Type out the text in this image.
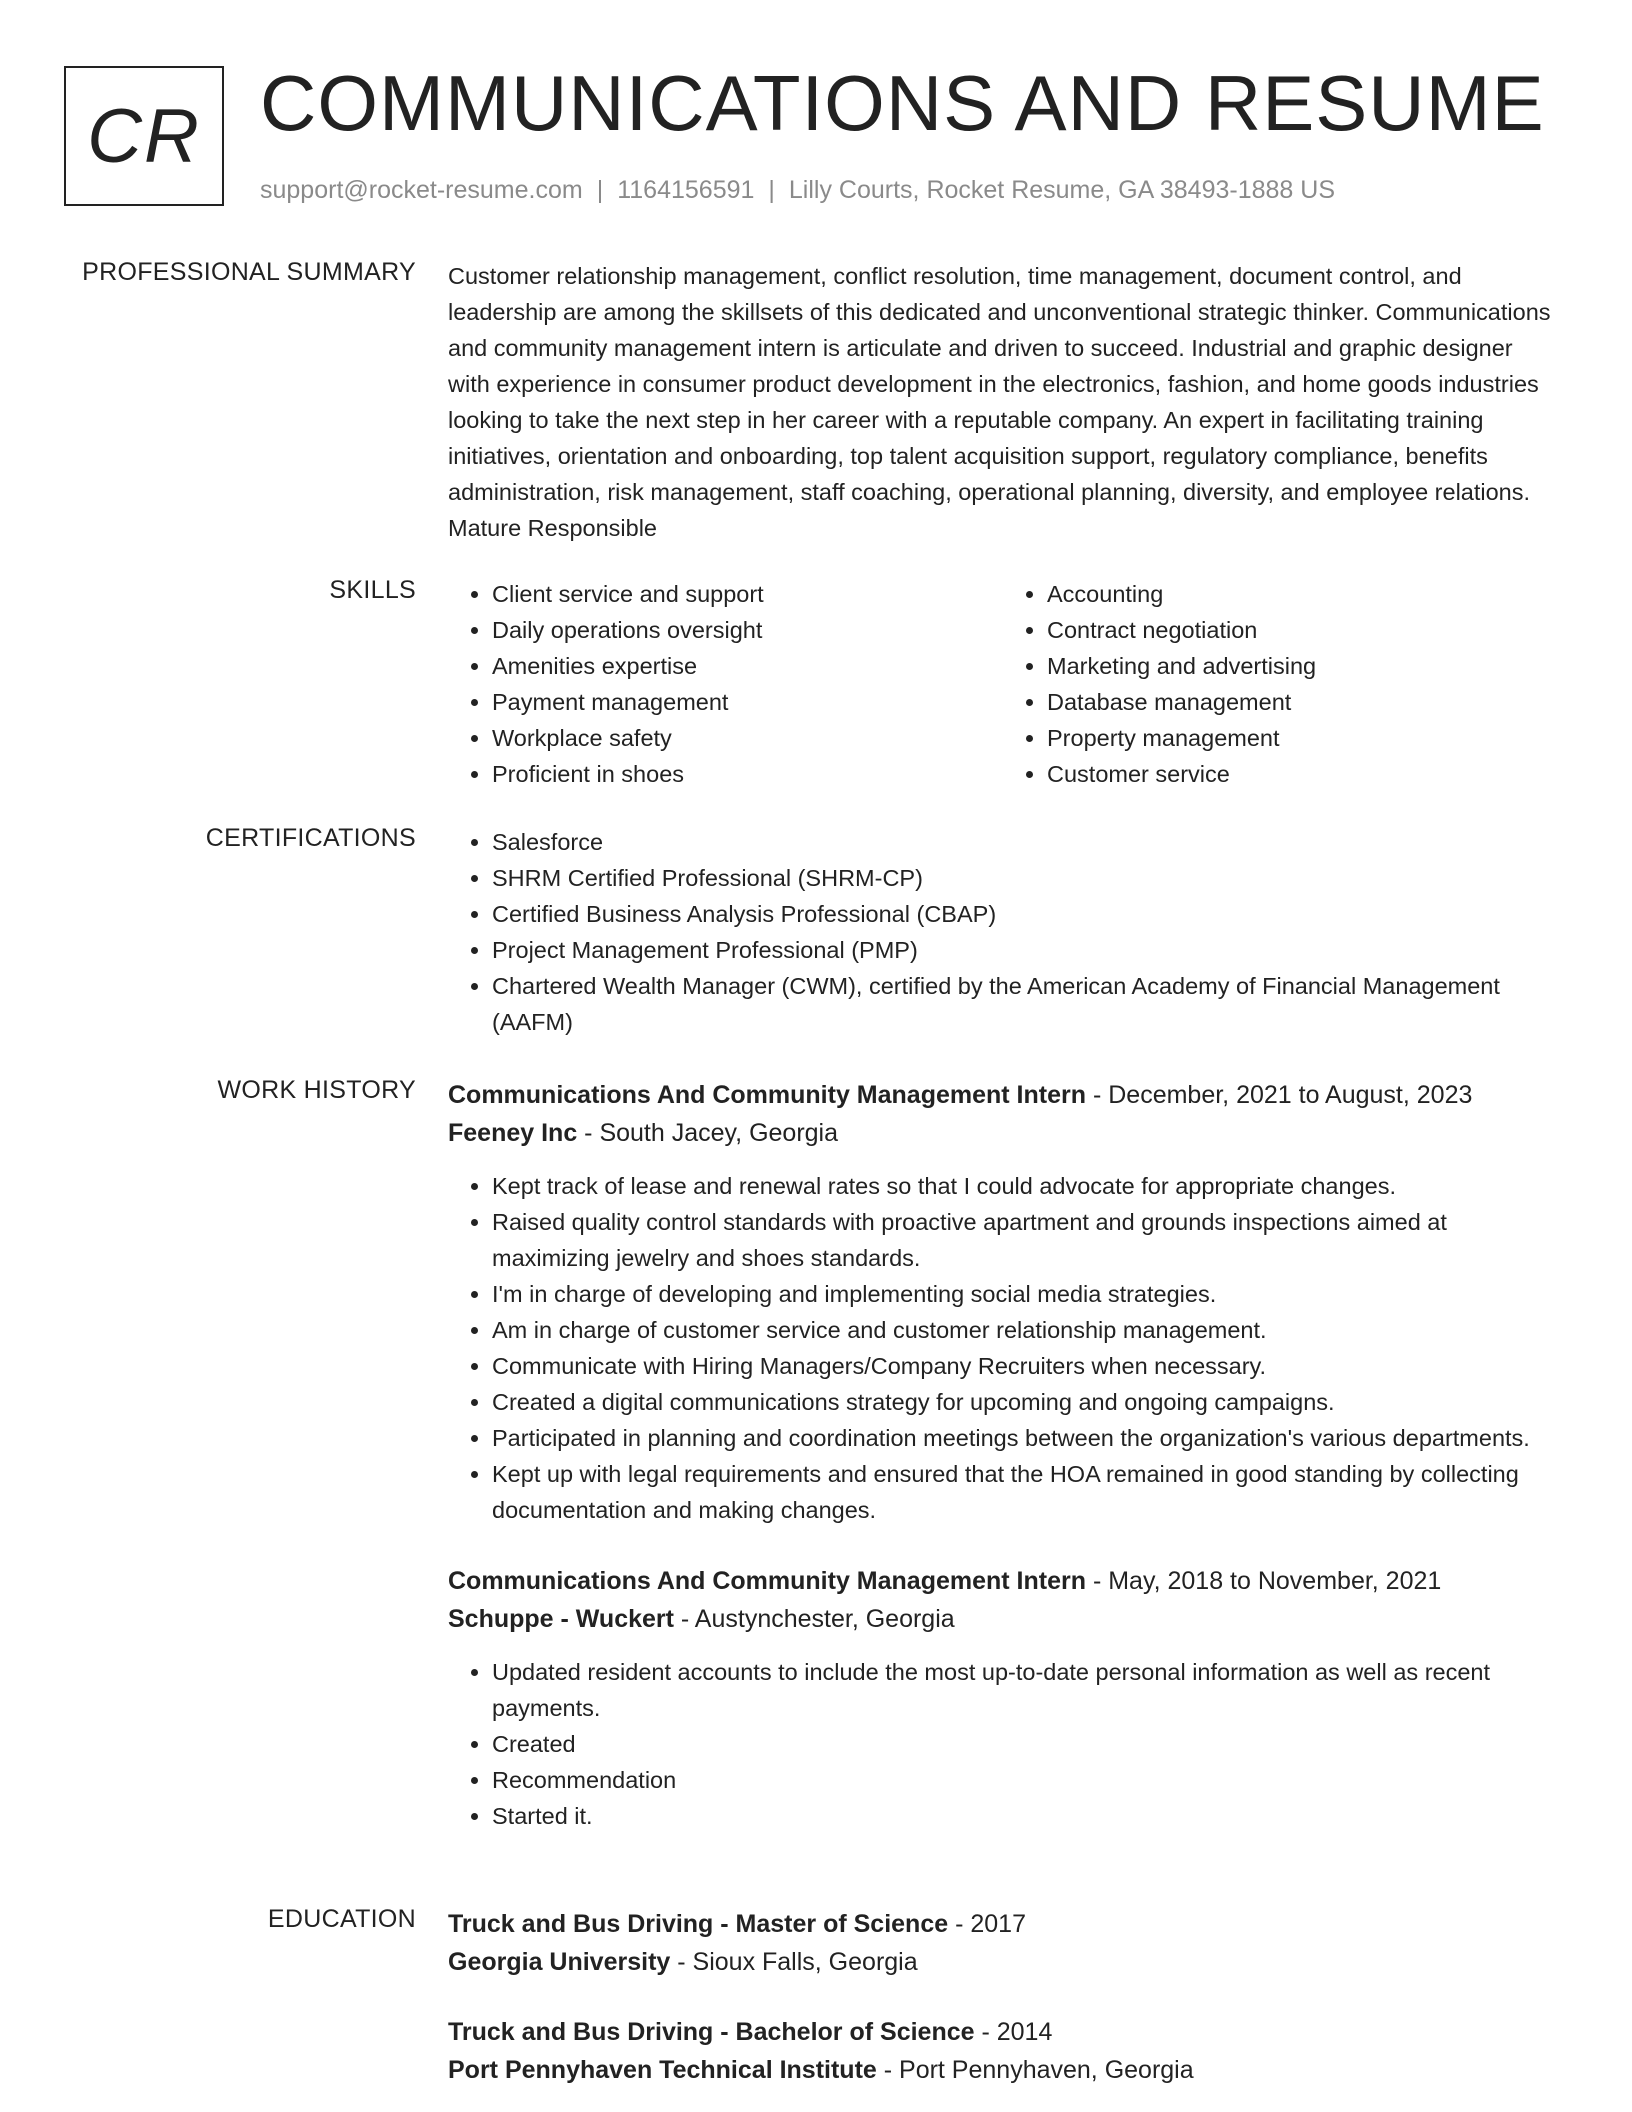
CR COMMUNICATIONS AND RESUME
support@rocket-resume.com | 1164156591 | Lilly Courts, Rocket Resume, GA 38493-1888 US
PROFESSIONAL SUMMARY Customer relationship management, conflict resolution, time management, document control, and leadership are among the skillsets of this dedicated and unconventional strategic thinker. Communications and community management intern is articulate and driven to succeed. Industrial and graphic designer with experience in consumer product development in the electronics, fashion, and home goods industries looking to take the next step in her career with a reputable company. An expert in facilitating training initiatives, orientation and onboarding, top talent acquisition support, regulatory compliance, benefits administration, risk management, staff coaching, operational planning, diversity, and employee relations. Mature Responsible
SKILLS	• Client service and support
• Daily operations oversight
• Amenities expertise
• Payment management
• Workplace safety
• Proficient in shoes
• Accounting
• Contract negotiation
• Marketing and advertising
• Database management
• Property management
• Customer service
CERTIFICATIONS	• Salesforce
• SHRM Certified Professional (SHRM-CP)
• Certified Business Analysis Professional (CBAP)
• Project Management Professional (PMP)
• Chartered Wealth Manager (CWM), certified by the American Academy of Financial Management (AAFM)
WORK HISTORY Communications And Community Management Intern - December, 2021 to August, 2023
Feeney Inc - South Jacey, Georgia
• Kept track of lease and renewal rates so that I could advocate for appropriate changes.
• Raised quality control standards with proactive apartment and grounds inspections aimed at maximizing jewelry and shoes standards.
• I'm in charge of developing and implementing social media strategies.
• Am in charge of customer service and customer relationship management.
• Communicate with Hiring Managers/Company Recruiters when necessary.
• Created a digital communications strategy for upcoming and ongoing campaigns.
• Participated in planning and coordination meetings between the organization's various departments.
• Kept up with legal requirements and ensured that the HOA remained in good standing by collecting documentation and making changes.
Communications And Community Management Intern - May, 2018 to November, 2021
Schuppe - Wuckert - Austynchester, Georgia
• Updated resident accounts to include the most up-to-date personal information as well as recent payments.
• Created
• Recommendation
• Started it.
EDUCATION Truck and Bus Driving - Master of Science - 2017
Georgia University - Sioux Falls, Georgia
Truck and Bus Driving - Bachelor of Science - 2014
Port Pennyhaven Technical Institute - Port Pennyhaven, Georgia
